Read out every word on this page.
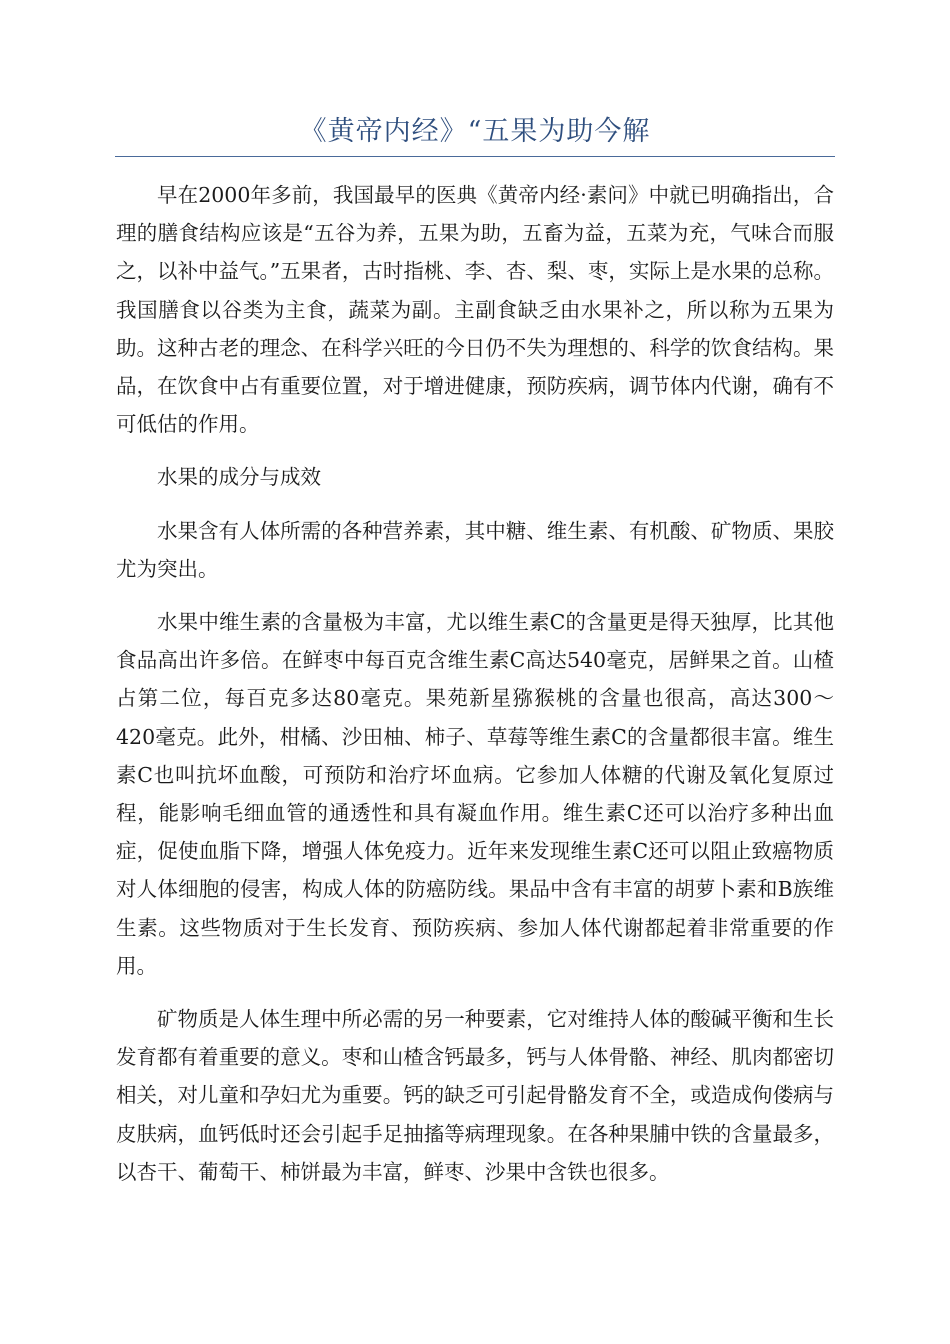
《黄帝内经》“五果为助今解

早在2000年多前，我国最早的医典《黄帝内经·素问》中就已明确指出，合理的膳食结构应该是“五谷为养，五果为助，五畜为益，五菜为充，气味合而服之，以补中益气。”五果者，古时指桃、李、杏、梨、枣，实际上是水果的总称。我国膳食以谷类为主食，蔬菜为副。主副食缺乏由水果补之，所以称为五果为助。这种古老的理念、在科学兴旺的今日仍不失为理想的、科学的饮食结构。果品，在饮食中占有重要位置，对于增进健康，预防疾病，调节体内代谢，确有不可低估的作用。

水果的成分与成效

水果含有人体所需的各种营养素，其中糖、维生素、有机酸、矿物质、果胶尤为突出。

水果中维生素的含量极为丰富，尤以维生素C的含量更是得天独厚，比其他食品高出许多倍。在鲜枣中每百克含维生素C高达540毫克，居鲜果之首。山楂占第二位，每百克多达80毫克。果苑新星猕猴桃的含量也很高，高达300～420毫克。此外，柑橘、沙田柚、柿子、草莓等维生素C的含量都很丰富。维生素C也叫抗坏血酸，可预防和治疗坏血病。它参加人体糖的代谢及氧化复原过程，能影响毛细血管的通透性和具有凝血作用。维生素C还可以治疗多种出血症，促使血脂下降，增强人体免疫力。近年来发现维生素C还可以阻止致癌物质对人体细胞的侵害，构成人体的防癌防线。果品中含有丰富的胡萝卜素和B族维生素。这些物质对于生长发育、预防疾病、参加人体代谢都起着非常重要的作用。

矿物质是人体生理中所必需的另一种要素，它对维持人体的酸碱平衡和生长发育都有着重要的意义。枣和山楂含钙最多，钙与人体骨骼、神经、肌肉都密切相关，对儿童和孕妇尤为重要。钙的缺乏可引起骨骼发育不全，或造成佝偻病与皮肤病，血钙低时还会引起手足抽搐等病理现象。在各种果脯中铁的含量最多，以杏干、葡萄干、柿饼最为丰富，鲜枣、沙果中含铁也很多。
